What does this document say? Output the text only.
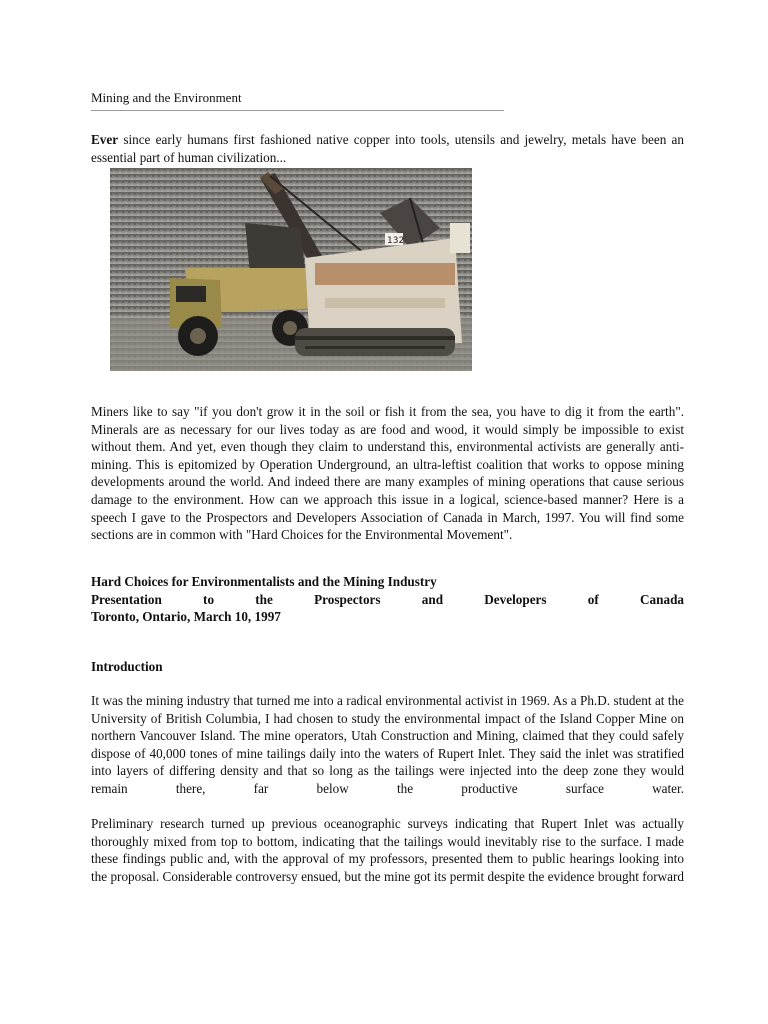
Mining and the Environment

Ever since early humans first fashioned native copper into tools, utensils and jewelry, metals have been an essential part of human civilization...

132

Miners like to say "if you don't grow it in the soil or fish it from the sea, you have to dig it from the earth". Minerals are as necessary for our lives today as are food and wood, it would simply be impossible to exist without them. And yet, even though they claim to understand this, environmental activists are generally anti-mining. This is epitomized by Operation Underground, an ultra-leftist coalition that works to oppose mining developments around the world. And indeed there are many examples of mining operations that cause serious damage to the environment. How can we approach this issue in a logical, science-based manner? Here is a speech I gave to the Prospectors and Developers Association of Canada in March, 1997. You will find some sections are in common with "Hard Choices for the Environmental Movement".

Hard Choices for Environmentalists and the Mining Industry
Presentation to the Prospectors and Developers of Canada
Toronto, Ontario, March 10, 1997
Introduction

It was the mining industry that turned me into a radical environmental activist in 1969. As a Ph.D. student at the University of British Columbia, I had chosen to study the environmental impact of the Island Copper Mine on northern Vancouver Island. The mine operators, Utah Construction and Mining, claimed that they could safely dispose of 40,000 tones of mine tailings daily into the waters of Rupert Inlet. They said the inlet was stratified into layers of differing density and that so long as the tailings were injected into the deep zone they would remain there, far below the productive surface water.

Preliminary research turned up previous oceanographic surveys indicating that Rupert Inlet was actually thoroughly mixed from top to bottom, indicating that the tailings would inevitably rise to the surface. I made these findings public and, with the approval of my professors, presented them to public hearings looking into the proposal. Considerable controversy ensued, but the mine got its permit despite the evidence brought forward
